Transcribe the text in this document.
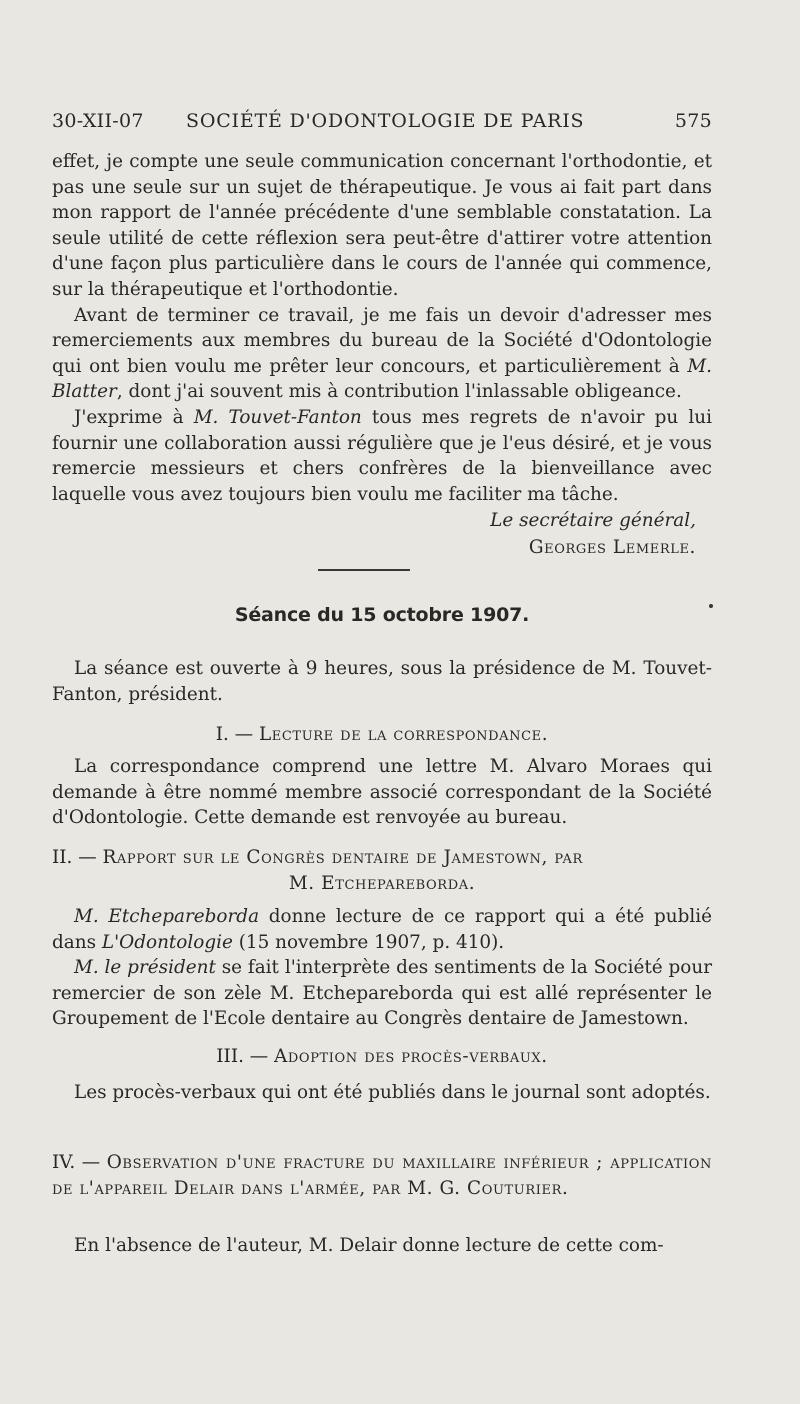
30-XII-07 SOCIÉTÉ D'ODONTOLOGIE DE PARIS	575

effet, je compte une seule communication concernant l'orthodontie, et pas une seule sur un sujet de thérapeutique. Je vous ai fait part dans mon rapport de l'année précédente d'une semblable constatation. La seule utilité de cette réflexion sera peut-être d'attirer votre attention d'une façon plus particulière dans le cours de l'année qui commence, sur la thérapeutique et l'orthodontie.

Avant de terminer ce travail, je me fais un devoir d'adresser mes remerciements aux membres du bureau de la Société d'Odontologie qui ont bien voulu me prêter leur concours, et particulièrement à M. Blatter, dont j'ai souvent mis à contribution l'inlassable obligeance.

J'exprime à M. Touvet-Fanton tous mes regrets de n'avoir pu lui fournir une collaboration aussi régulière que je l'eus désiré, et je vous remercie messieurs et chers confrères de la bienveillance avec laquelle vous avez toujours bien voulu me faciliter ma tâche.

Le secrétaire général,
Georges Lemerle.
Séance du 15 octobre 1907.

La séance est ouverte à 9 heures, sous la présidence de M. Touvet-Fanton, président.

I. — Lecture de la correspondance.

La correspondance comprend une lettre M. Alvaro Moraes qui demande à être nommé membre associé correspondant de la Société d'Odontologie. Cette demande est renvoyée au bureau.

II. — Rapport sur le Congrès dentaire de Jamestown, par
M. Etchepareborda.

M. Etchepareborda donne lecture de ce rapport qui a été publié dans L'Odontologie (15 novembre 1907, p. 410).

M. le président se fait l'interprète des sentiments de la Société pour remercier de son zèle M. Etchepareborda qui est allé représenter le Groupement de l'Ecole dentaire au Congrès dentaire de Jamestown.

III. — Adoption des procès-verbaux.

Les procès-verbaux qui ont été publiés dans le journal sont adoptés.

IV. — Observation d'une fracture du maxillaire inférieur ; application de l'appareil Delair dans l'armée, par M. G. Couturier.

En l'absence de l'auteur, M. Delair donne lecture de cette com-
